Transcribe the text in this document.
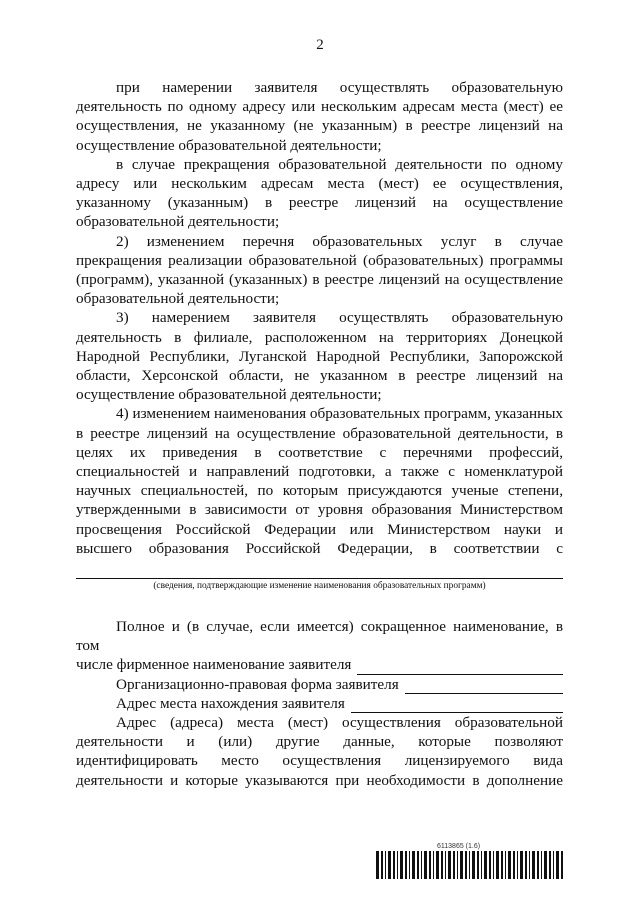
2

при намерении заявителя осуществлять образовательную деятельность по одному адресу или нескольким адресам места (мест) ее осуществления, не указанному (не указанным) в реестре лицензий на осуществление образовательной деятельности;

в случае прекращения образовательной деятельности по одному адресу или нескольким адресам места (мест) ее осуществления, указанному (указанным) в реестре лицензий на осуществление образовательной деятельности;

2) изменением перечня образовательных услуг в случае прекращения реализации образовательной (образовательных) программы (программ), указанной (указанных) в реестре лицензий на осуществление образовательной деятельности;

3) намерением заявителя осуществлять образовательную деятельность в филиале, расположенном на территориях Донецкой Народной Республики, Луганской Народной Республики, Запорожской области, Херсонской области, не указанном в реестре лицензий на осуществление образовательной деятельности;

4) изменением наименования образовательных программ, указанных в реестре лицензий на осуществление образовательной деятельности, в целях их приведения в соответствие с перечнями профессий, специальностей и направлений подготовки, а также с номенклатурой научных специальностей, по которым присуждаются ученые степени, утвержденными в зависимости от уровня образования Министерством просвещения Российской Федерации или Министерством науки и высшего образования Российской Федерации, в соответствии с

(сведения, подтверждающие изменение наименования образовательных программ)

Полное и (в случае, если имеется) сокращенное наименование, в том

числе фирменное наименование заявителя
Организационно-правовая форма заявителя
Адрес места нахождения заявителя

Адрес (адреса) места (мест) осуществления образовательной деятельности и (или) другие данные, которые позволяют идентифицировать место осуществления лицензируемого вида деятельности и которые указываются при необходимости в дополнение

6113865 (1.6)
